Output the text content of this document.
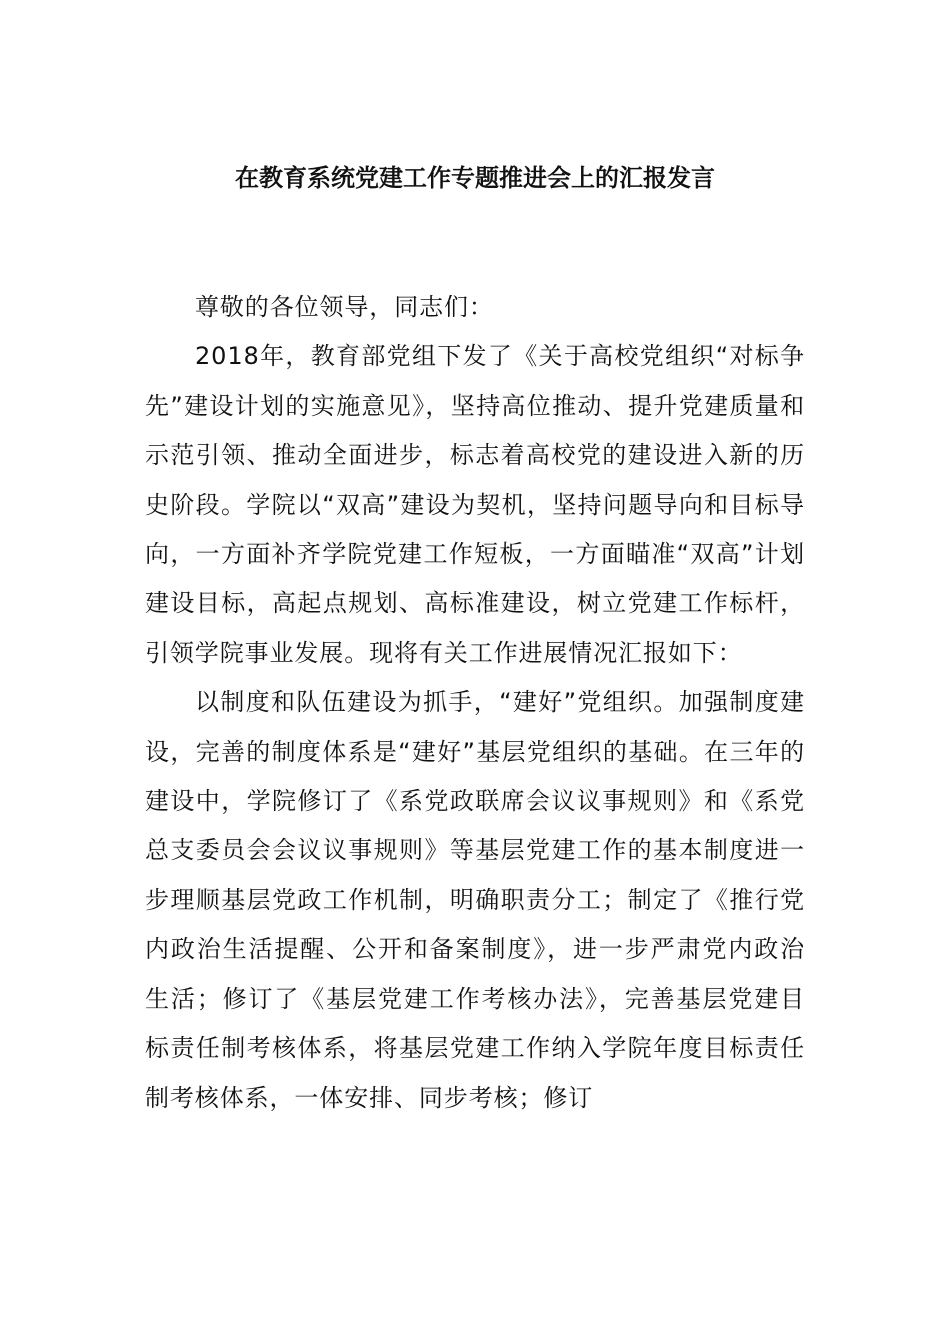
在教育系统党建工作专题推进会上的汇报发言

尊敬的各位领导，同志们：

2018年，教育部党组下发了《关于高校党组织“对标争先”建设计划的实施意见》，坚持高位推动、提升党建质量和示范引领、推动全面进步，标志着高校党的建设进入新的历史阶段。学院以“双高”建设为契机，坚持问题导向和目标导向，一方面补齐学院党建工作短板，一方面瞄准“双高”计划建设目标，高起点规划、高标准建设，树立党建工作标杆，引领学院事业发展。现将有关工作进展情况汇报如下：

以制度和队伍建设为抓手，“建好”党组织。加强制度建设，完善的制度体系是“建好”基层党组织的基础。在三年的建设中，学院修订了《系党政联席会议议事规则》和《系党总支委员会会议议事规则》等基层党建工作的基本制度进一步理顺基层党政工作机制，明确职责分工；制定了《推行党内政治生活提醒、公开和备案制度》，进一步严肃党内政治生活；修订了《基层党建工作考核办法》，完善基层党建目标责任制考核体系，将基层党建工作纳入学院年度目标责任制考核体系，一体安排、同步考核；修订
